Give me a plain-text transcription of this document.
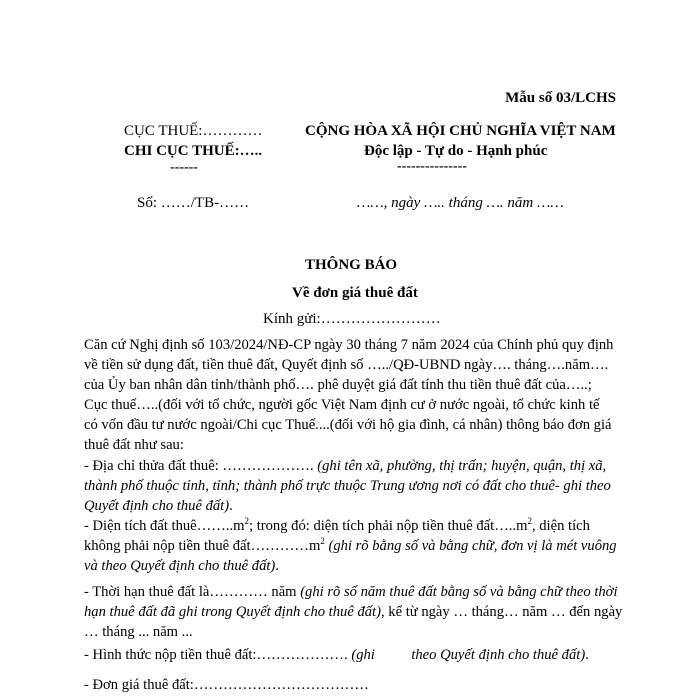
Mẫu số 03/LCHS
CỤC THUẾ:…………
CHI CỤC THUẾ:…..
------
CỘNG HÒA XÃ HỘI CHỦ NGHĨA VIỆT NAM
Độc lập - Tự do - Hạnh phúc
---------------
Số: ……/TB-……	……, ngày ….. tháng …. năm ……
THÔNG BÁO
Về đơn giá thuê đất
Kính gửi:……………………
Căn cứ Nghị định số 103/2024/NĐ-CP ngày 30 tháng 7 năm 2024 của Chính phủ quy định về tiền sử dụng đất, tiền thuê đất, Quyết định số …../QĐ-UBND ngày…. tháng….năm…. của Ủy ban nhân dân tỉnh/thành phố…. phê duyệt giá đất tính thu tiền thuê đất của…..; Cục thuế…..(đối với tổ chức, người gốc Việt Nam định cư ở nước ngoài, tổ chức kinh tế có vốn đầu tư nước ngoài/Chi cục Thuế....(đối với hộ gia đình, cá nhân) thông báo đơn giá thuê đất như sau:
- Địa chỉ thửa đất thuê: ………………. (ghi tên xã, phường, thị trấn; huyện, quận, thị xã, thành phố thuộc tỉnh, tỉnh; thành phố trực thuộc Trung ương nơi có đất cho thuê- ghi theo Quyết định cho thuê đất).
- Diện tích đất $thuê\dots\dots..m^2$; trong đó: diện tích phải nộp tiền thuê $đất\dots..m^2$, diện tích không phải nộp tiền thuê $đất\dots\dots\dots\dots m^2$ (ghi rõ bằng số và bằng chữ, đơn vị là mét vuông và theo Quyết định cho thuê đất).
- Thời hạn thuê đất là………… năm (ghi rõ số năm thuê đất bằng số và bằng chữ theo thời hạn thuê đất đã ghi trong Quyết định cho thuê đất), kể từ ngày … tháng… năm … đến ngày … tháng ... năm ...
- Hình thức nộp tiền thuê đất:………………. (ghi          theo Quyết định cho thuê đất).
- Đơn giá thuê đất:………………………………
